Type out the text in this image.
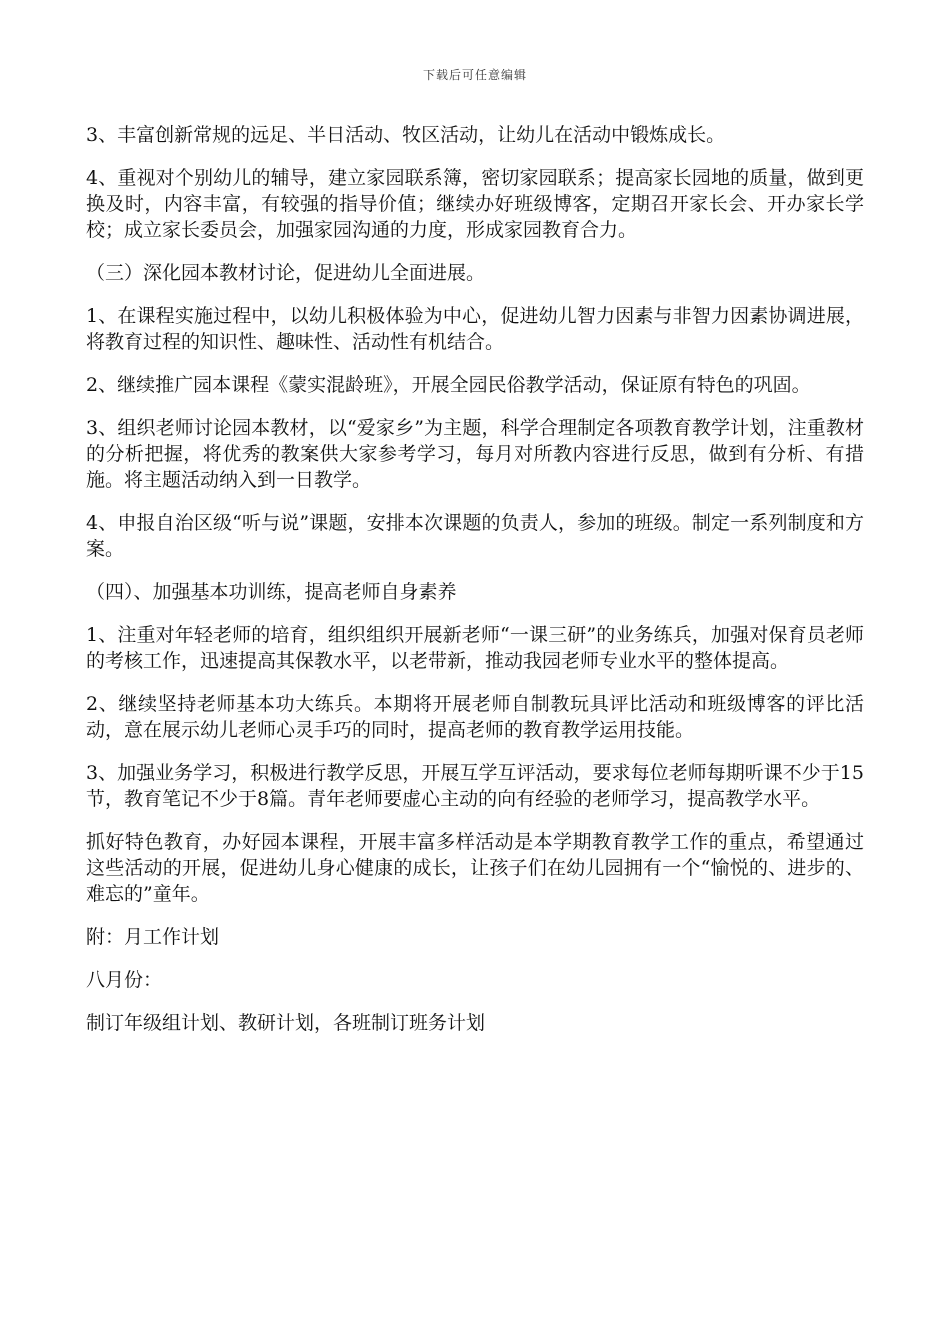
下载后可任意编辑

3、丰富创新常规的远足、半日活动、牧区活动，让幼儿在活动中锻炼成长。

4、重视对个别幼儿的辅导，建立家园联系簿，密切家园联系；提高家长园地的质量，做到更换及时，内容丰富，有较强的指导价值；继续办好班级博客，定期召开家长会、开办家长学校；成立家长委员会，加强家园沟通的力度，形成家园教育合力。

（三）深化园本教材讨论，促进幼儿全面进展。

1、在课程实施过程中，以幼儿积极体验为中心，促进幼儿智力因素与非智力因素协调进展，将教育过程的知识性、趣味性、活动性有机结合。

2、继续推广园本课程《蒙实混龄班》，开展全园民俗教学活动，保证原有特色的巩固。

3、组织老师讨论园本教材，以“爱家乡”为主题，科学合理制定各项教育教学计划，注重教材的分析把握，将优秀的教案供大家参考学习，每月对所教内容进行反思，做到有分析、有措施。将主题活动纳入到一日教学。

4、申报自治区级“听与说”课题，安排本次课题的负责人，参加的班级。制定一系列制度和方案。

（四）、加强基本功训练，提高老师自身素养

1、注重对年轻老师的培育，组织组织开展新老师“一课三研”的业务练兵，加强对保育员老师的考核工作，迅速提高其保教水平，以老带新，推动我园老师专业水平的整体提高。

2、继续坚持老师基本功大练兵。本期将开展老师自制教玩具评比活动和班级博客的评比活动，意在展示幼儿老师心灵手巧的同时，提高老师的教育教学运用技能。

3、加强业务学习，积极进行教学反思，开展互学互评活动，要求每位老师每期听课不少于15节，教育笔记不少于8篇。青年老师要虚心主动的向有经验的老师学习，提高教学水平。

抓好特色教育，办好园本课程，开展丰富多样活动是本学期教育教学工作的重点，希望通过这些活动的开展，促进幼儿身心健康的成长，让孩子们在幼儿园拥有一个“愉悦的、进步的、难忘的”童年。

附：月工作计划

八月份：

制订年级组计划、教研计划，各班制订班务计划
